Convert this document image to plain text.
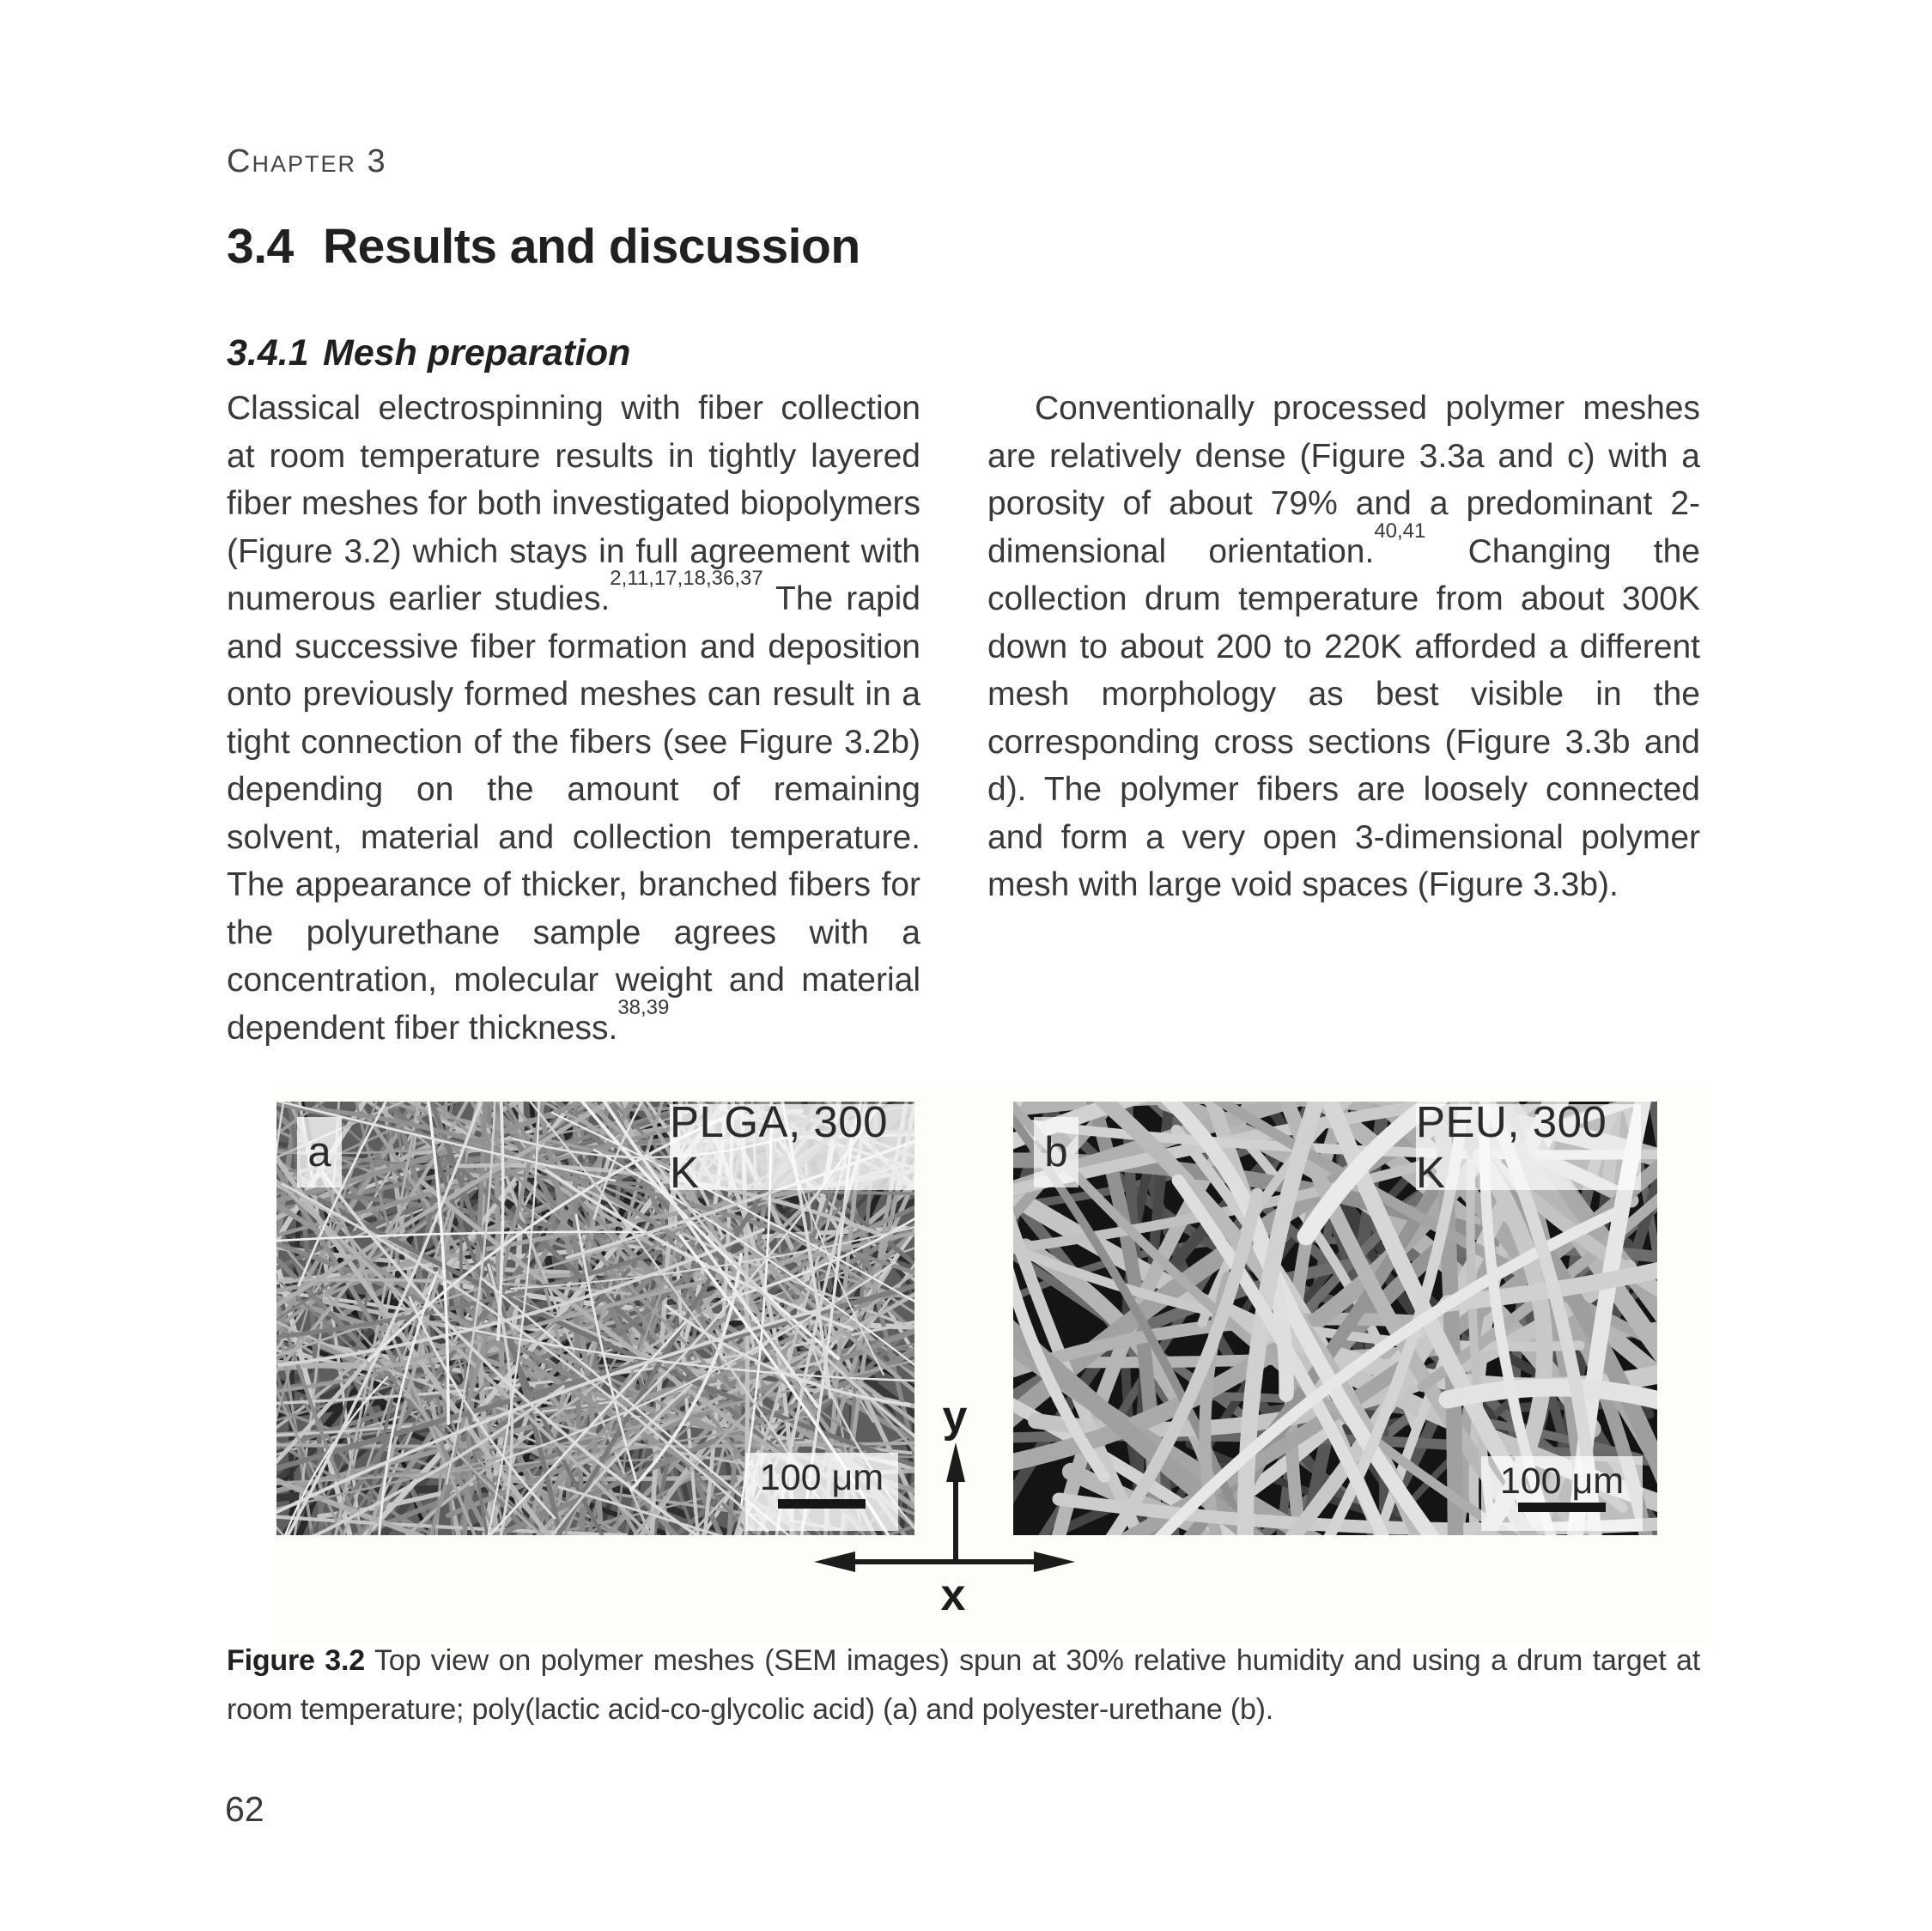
Chapter 3
3.4 Results and discussion
3.4.1 Mesh preparation
Classical electrospinning with fiber collection at room temperature results in tightly layered fiber meshes for both investigated biopolymers (Figure 3.2) which stays in full agreement with numerous earlier studies.$^{2,11,17,18,36,37}$ The rapid and successive fiber formation and deposition onto previously formed meshes can result in a tight connection of the fibers (see Figure 3.2b) depending on the amount of remaining solvent, material and collection temperature. The appearance of thicker, branched fibers for the polyurethane sample agrees with a concentration, molecular weight and material dependent fiber thickness.$^{38,39}$
Conventionally processed polymer meshes are relatively dense (Figure 3.3a and c) with a porosity of about 79% and a predominant 2-dimensional orientation.$^{40,41}$ Changing the collection drum temperature from about 300K down to about 200 to 220K afforded a different mesh morphology as best visible in the corresponding cross sections (Figure 3.3b and d). The polymer fibers are loosely connected and form a very open 3-dimensional polymer mesh with large void spaces (Figure 3.3b).
a
PLGA, 300 K
100 μm
b
PEU, 300 K
100 μm
y
x
Figure 3.2 Top view on polymer meshes (SEM images) spun at 30% relative humidity and using a drum target at room temperature; poly(lactic acid-co-glycolic acid) (a) and polyester-urethane (b).
62
